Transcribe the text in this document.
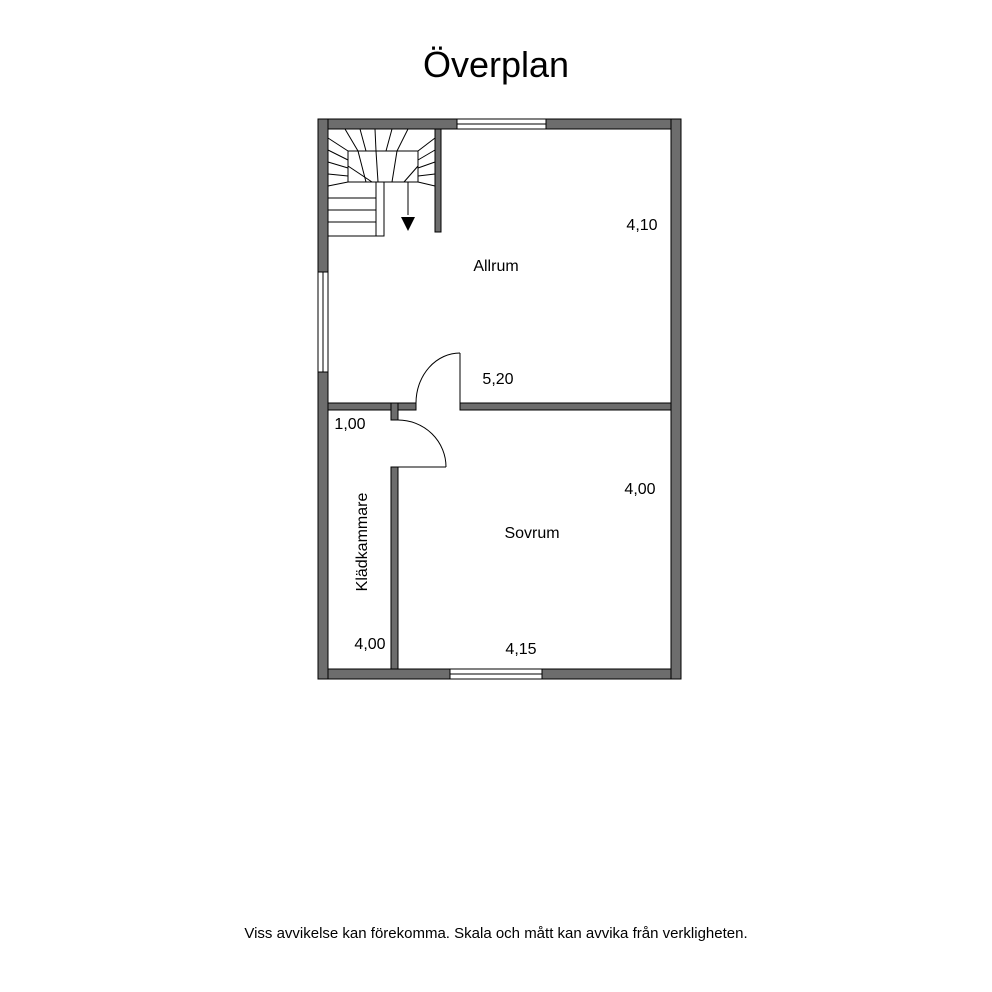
Överplan
Allrum
4,10
5,20
Sovrum
4,00
4,15
1,00
Klädkammare
4,00
Viss avvikelse kan förekomma. Skala och mått kan avvika från verkligheten.
